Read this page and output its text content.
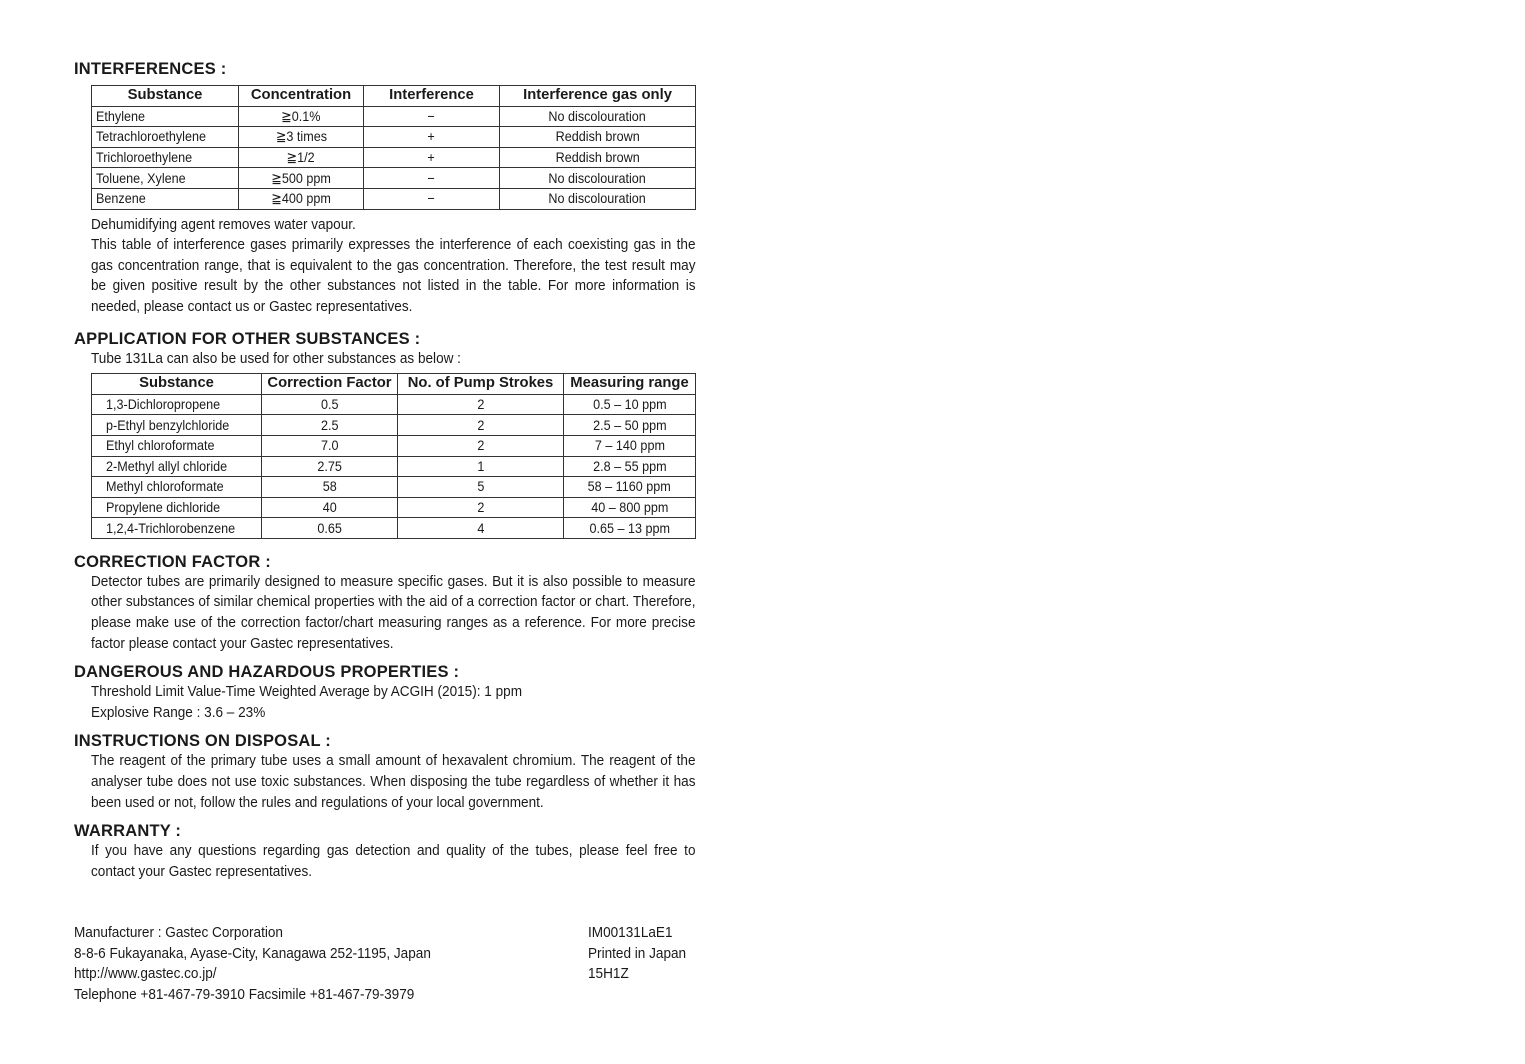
INTERFERENCES :
Substance	Concentration	Interference	Interference gas only
Ethylene	≧0.1%	−	No discolouration
Tetrachloroethylene	≧3 times	+	Reddish brown
Trichloroethylene	≧1/2	+	Reddish brown
Toluene, Xylene	≧500 ppm	−	No discolouration
Benzene	≧400 ppm	−	No discolouration

Dehumidifying agent removes water vapour.

This table of interference gases primarily expresses the interference of each coexisting gas in the gas concentration range, that is equivalent to the gas concentration. Therefore, the test result may be given positive result by the other substances not listed in the table. For more information is needed, please contact us or Gastec representatives.

APPLICATION FOR OTHER SUBSTANCES :

Tube 131La can also be used for other substances as below :

Substance	Correction Factor	No. of Pump Strokes	Measuring range
1,3-Dichloropropene	0.5	2	0.5 – 10 ppm
p-Ethyl benzylchloride	2.5	2	2.5 – 50 ppm
Ethyl chloroformate	7.0	2	7 – 140 ppm
2-Methyl allyl chloride	2.75	1	2.8 – 55 ppm
Methyl chloroformate	58	5	58 – 1160 ppm
Propylene dichloride	40	2	40 – 800 ppm
1,2,4-Trichlorobenzene	0.65	4	0.65 – 13 ppm
CORRECTION FACTOR :

Detector tubes are primarily designed to measure specific gases. But it is also possible to measure other substances of similar chemical properties with the aid of a correction factor or chart. Therefore, please make use of the correction factor/chart measuring ranges as a reference. For more precise factor please contact your Gastec representatives.

DANGEROUS AND HAZARDOUS PROPERTIES :

Threshold Limit Value-Time Weighted Average by ACGIH (2015): 1 ppm

Explosive Range : 3.6 – 23%

INSTRUCTIONS ON DISPOSAL :

The reagent of the primary tube uses a small amount of hexavalent chromium. The reagent of the analyser tube does not use toxic substances. When disposing the tube regardless of whether it has been used or not, follow the rules and regulations of your local government.

WARRANTY :

If you have any questions regarding gas detection and quality of the tubes, please feel free to contact your Gastec representatives.

Manufacturer : Gastec Corporation
8-8-6 Fukayanaka, Ayase-City, Kanagawa 252-1195, Japan
http://www.gastec.co.jp/
Telephone +81-467-79-3910 Facsimile +81-467-79-3979
IM00131LaE1
Printed in Japan
15H1Z
